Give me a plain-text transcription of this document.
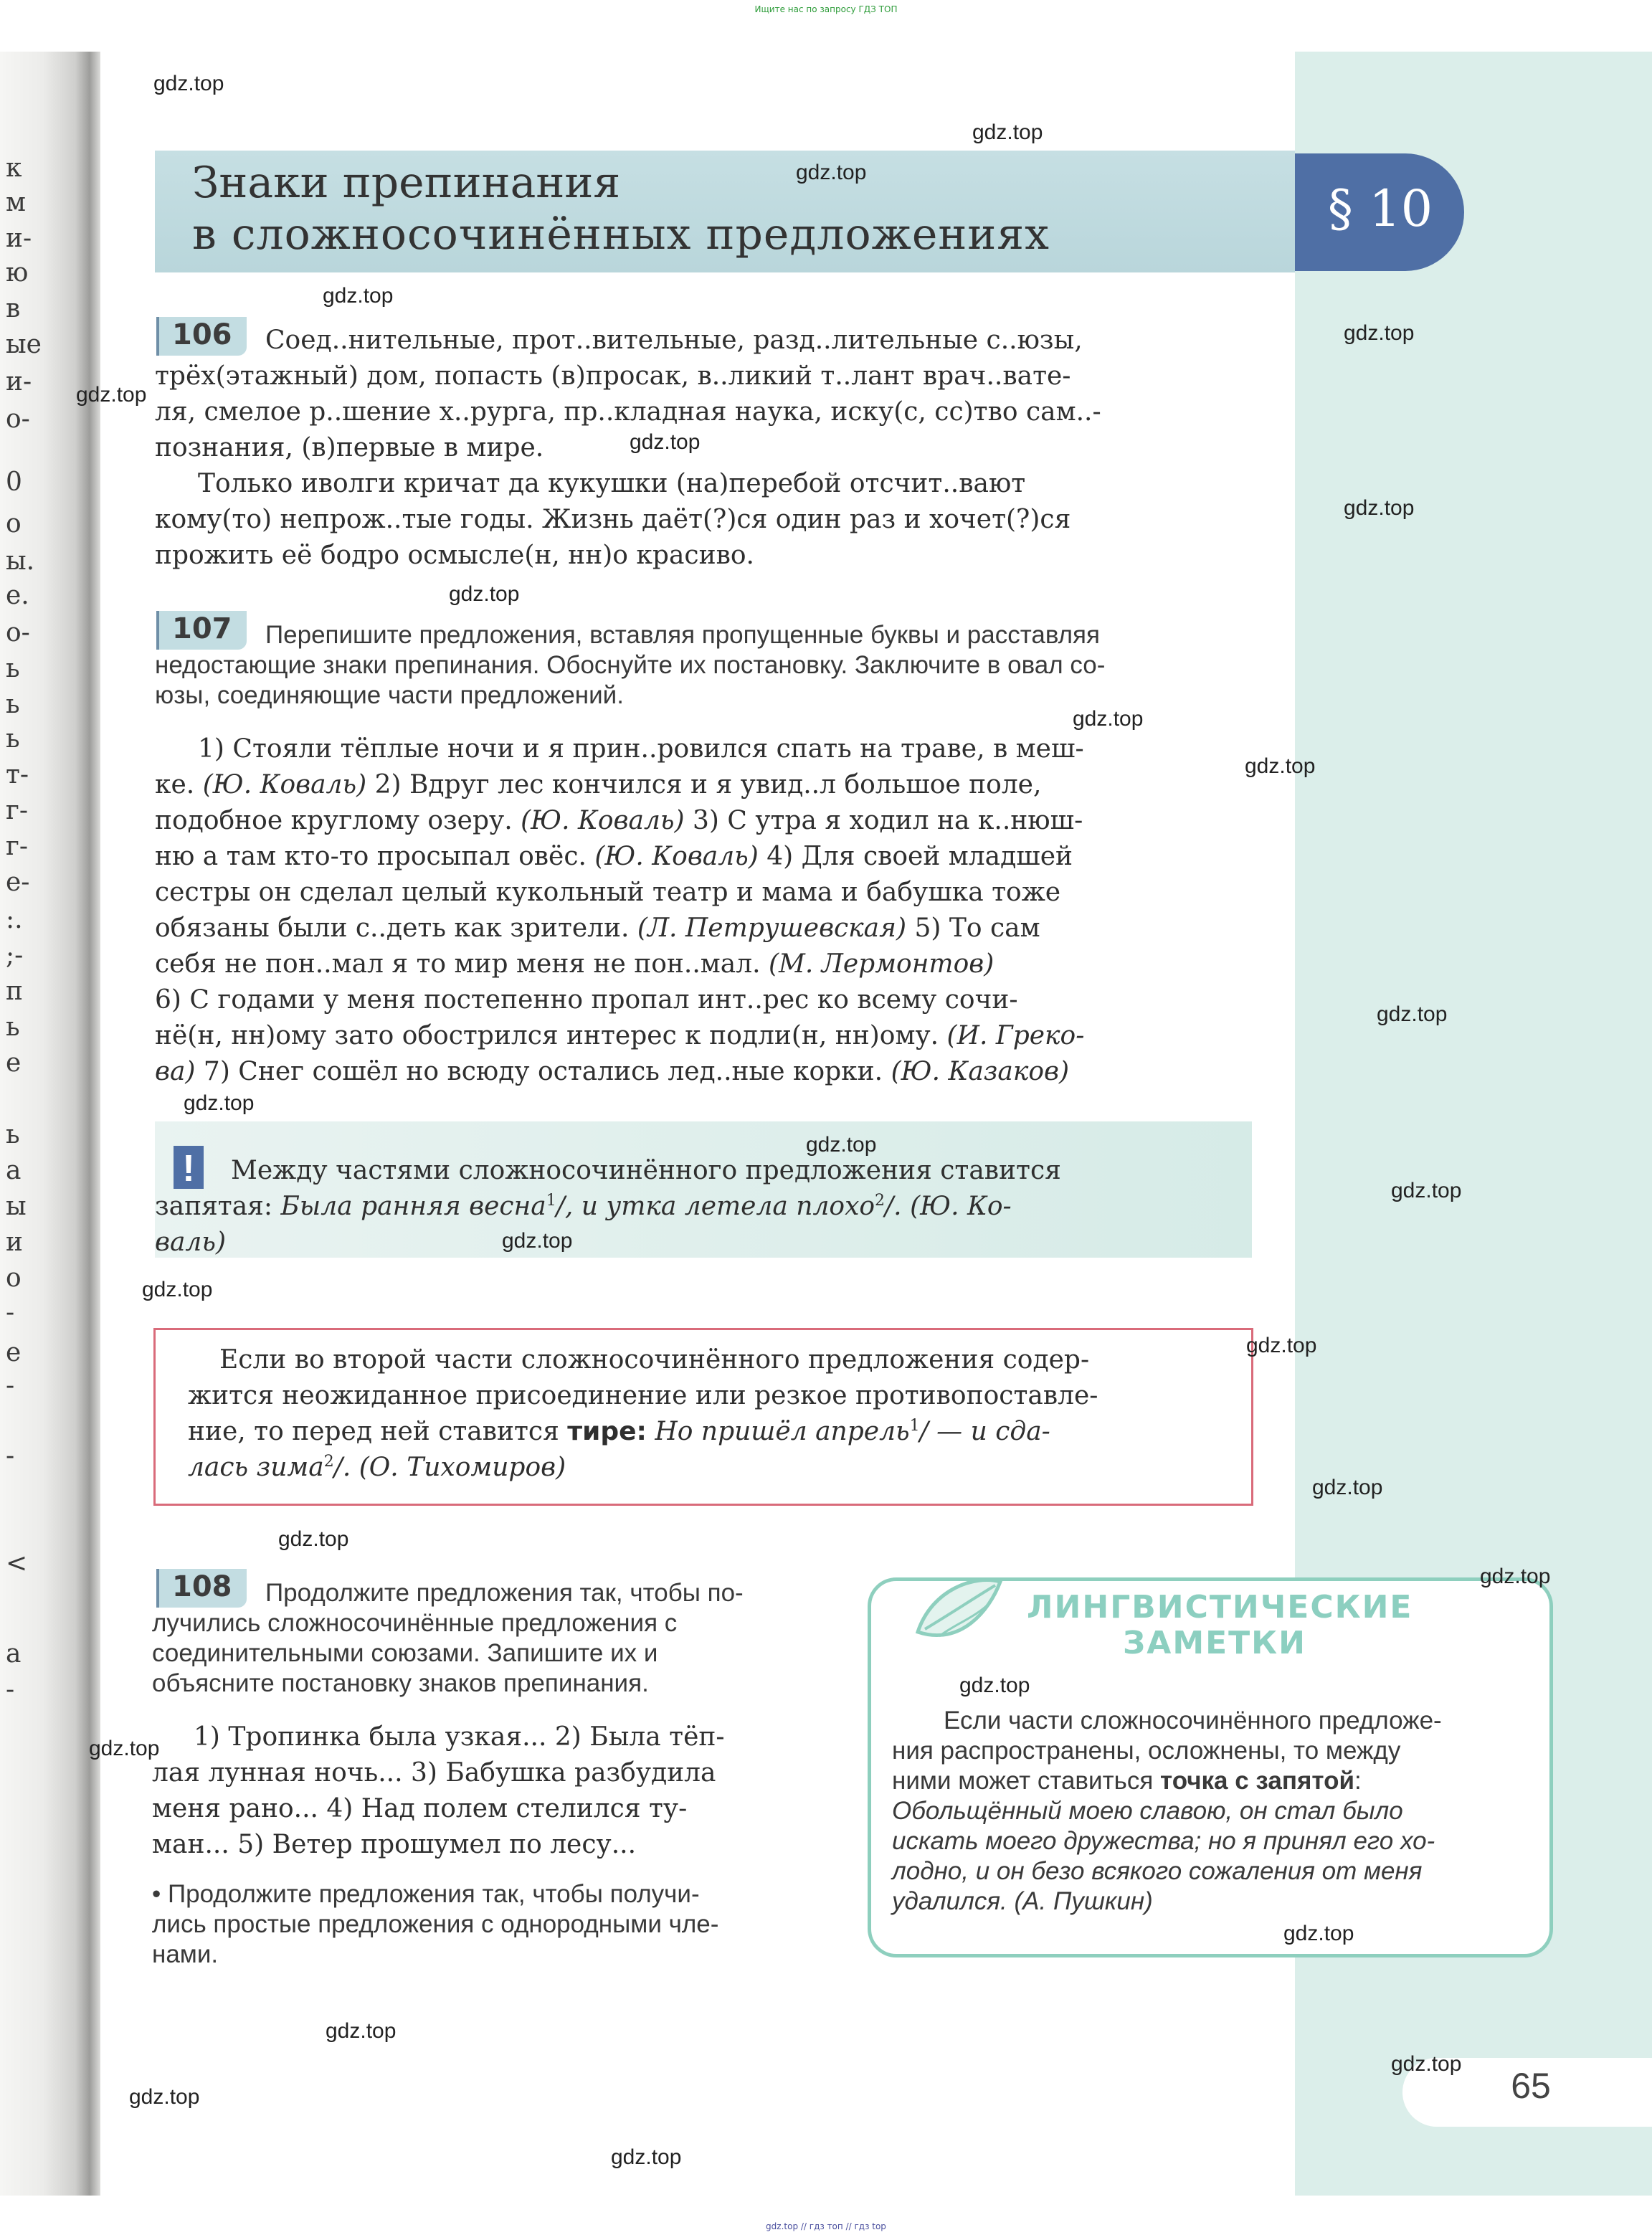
Ищите нас по запросу ГДЗ ТОП
к
м
и-
ю
в
ые
и-
о-
0
о
ы.
е.
о-
ь
ь
ь
т-
г-
г-
е-
:.
;-
п
ь
е
ь
а
ы
и
о
-
е
-
-
<
а
-
Знаки препинания
в сложносочинённых предложениях	§ 10
106 Соед..нительные, прот..вительные, разд..лительные с..юзы,
трёх(этажный) дом, попасть (в)просак, в..ликий т..лант врач..вате-
ля, смелое р..шение х..рурга, пр..кладная наука, иску(с, сс)тво сам..-
познания, (в)первые в мире.
Только иволги кричат да кукушки (на)перебой отсчит..вают
кому(то) непрож..тые годы. Жизнь даёт(?)ся один раз и хочет(?)ся
прожить её бодро осмысле(н, нн)о красиво.
107 Перепишите предложения, вставляя пропущенные буквы и расставляя
недостающие знаки препинания. Обоснуйте их постановку. Заключите в овал со-
юзы, соединяющие части предложений.
1) Стояли тёплые ночи и я прин..ровился спать на траве, в меш-
ке. (Ю. Коваль) 2) Вдруг лес кончился и я увид..л большое поле,
подобное круглому озеру. (Ю. Коваль) 3) С утра я ходил на к..нюш-
ню а там кто-то просыпал овёс. (Ю. Коваль) 4) Для своей младшей
сестры он сделал целый кукольный театр и мама и бабушка тоже
обязаны были с..деть как зрители. (Л. Петрушевская) 5) То сам
себя не пон..мал я то мир меня не пон..мал. (М. Лермонтов)
6) С годами у меня постепенно пропал инт..рес ко всему сочи-
нё(н, нн)ому зато обострился интерес к подли(н, нн)ому. (И. Греко-
ва) 7) Снег сошёл но всюду остались лед..ные корки. (Ю. Казаков)
!	Между частями сложносочинённого предложения ставится
запятая: Была ранняя весна$^1$/, и утка летела плохо$^2$/. (Ю. Ко-
валь)
Если во второй части сложносочинённого предложения содер-
жится неожиданное присоединение или резкое противопоставле-
ние, то перед ней ставится тире: Но пришёл апрель$^1$/ — и сда-
лась зима$^2$/. (О. Тихомиров)
108 Продолжите предложения так, чтобы по-
лучились сложносочинённые предложения с
соединительными союзами. Запишите их и
объясните постановку знаков препинания.
1) Тропинка была узкая... 2) Была тёп-
лая лунная ночь... 3) Бабушка разбудила
меня рано... 4) Над полем стелился ту-
ман... 5) Ветер прошумел по лесу...
• Продолжите предложения так, чтобы получи-
лись простые предложения с однородными чле-
нами.
ЛИНГВИСТИЧЕСКИЕ
ЗАМЕТКИ
Если части сложносочинённого предложе-
ния распространены, осложнены, то между
ними может ставиться точка с запятой:
Обольщённый моею славою, он стал было
искать моего дружества; но я принял его хо-
лодно, и он безо всякого сожаления от меня
удалился. (А. Пушкин)
65
gdz.top
gdz.top
gdz.top
gdz.top
gdz.top
gdz.top
gdz.top
gdz.top
gdz.top
gdz.top
gdz.top
gdz.top
gdz.top
gdz.top
gdz.top
gdz.top
gdz.top
gdz.top
gdz.top
gdz.top
gdz.top
gdz.top
gdz.top
gdz.top
gdz.top
gdz.top
gdz.top
gdz.top
gdz.top // гдз топ // гдз top
